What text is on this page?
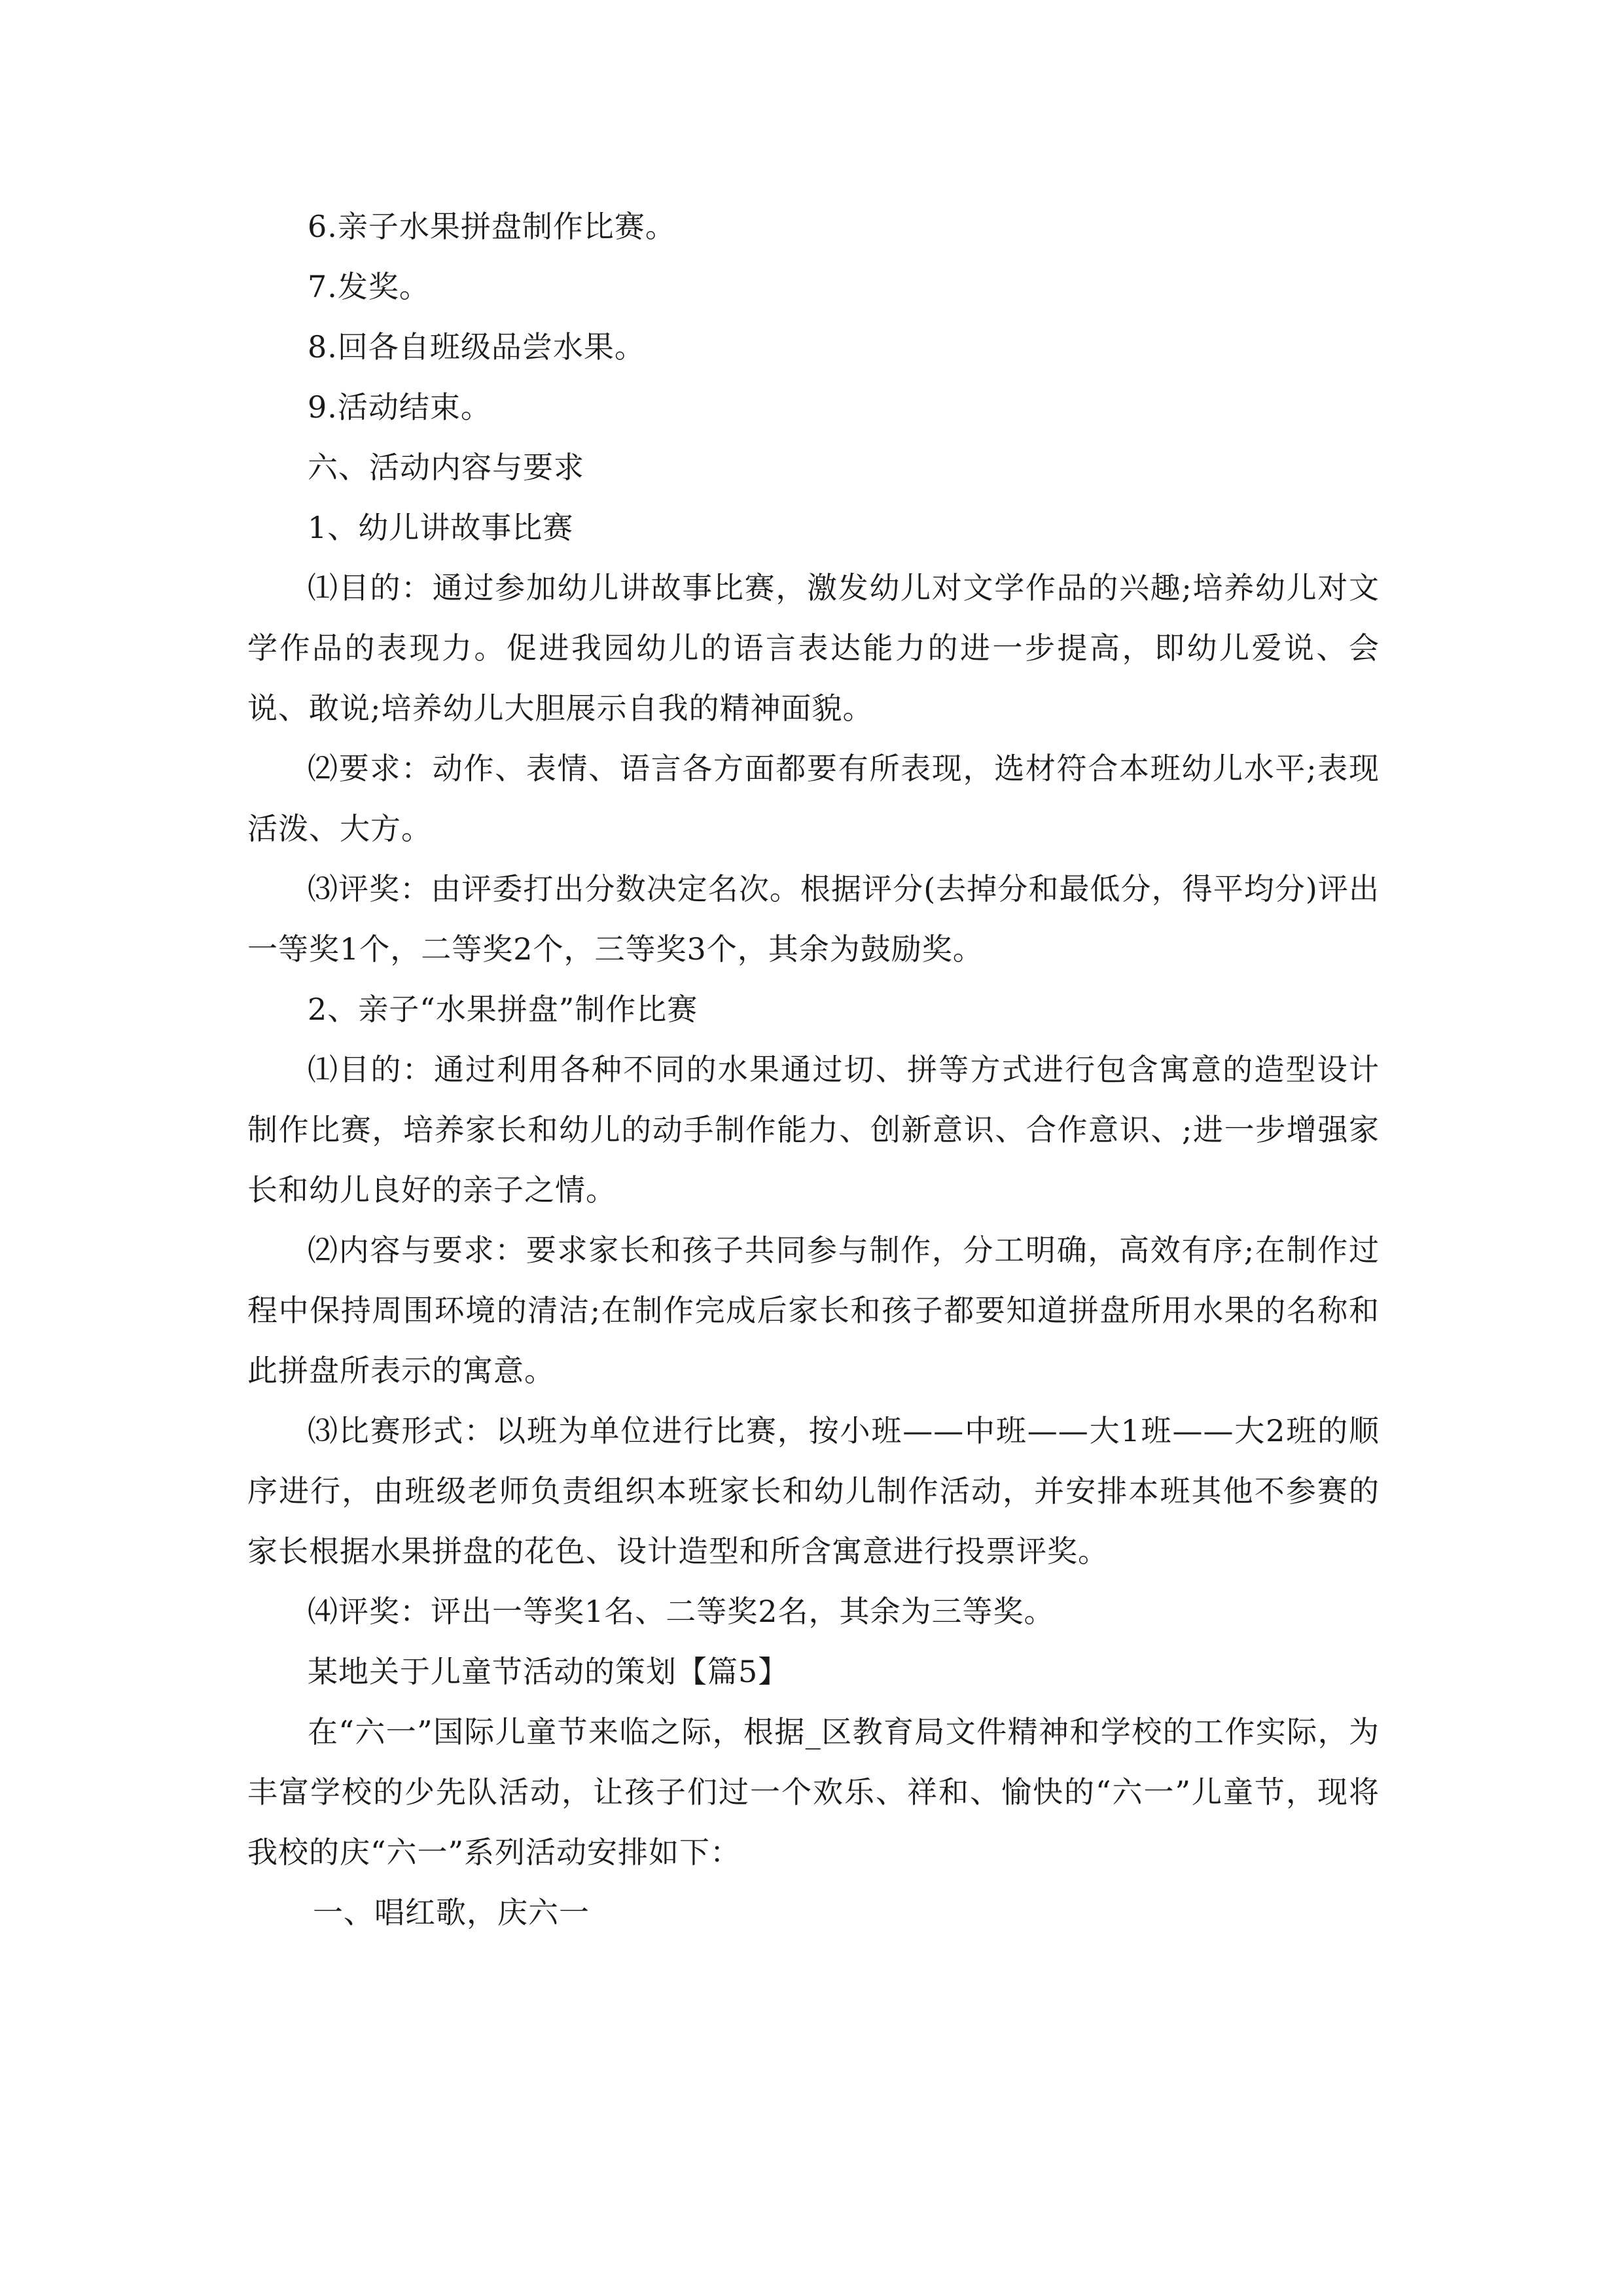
6.亲子水果拼盘制作比赛。

7.发奖。

8.回各自班级品尝水果。

9.活动结束。

六、活动内容与要求

1、幼儿讲故事比赛

⑴目的：通过参加幼儿讲故事比赛，激发幼儿对文学作品的兴趣;培养幼儿对文学作品的表现力。促进我园幼儿的语言表达能力的进一步提高，即幼儿爱说、会说、敢说;培养幼儿大胆展示自我的精神面貌。

⑵要求：动作、表情、语言各方面都要有所表现，选材符合本班幼儿水平;表现活泼、大方。

⑶评奖：由评委打出分数决定名次。根据评分(去掉分和最低分，得平均分)评出一等奖1个，二等奖2个，三等奖3个，其余为鼓励奖。

2、亲子“水果拼盘”制作比赛

⑴目的：通过利用各种不同的水果通过切、拼等方式进行包含寓意的造型设计制作比赛，培养家长和幼儿的动手制作能力、创新意识、合作意识、;进一步增强家长和幼儿良好的亲子之情。

⑵内容与要求：要求家长和孩子共同参与制作，分工明确，高效有序;在制作过程中保持周围环境的清洁;在制作完成后家长和孩子都要知道拼盘所用水果的名称和此拼盘所表示的寓意。

⑶比赛形式：以班为单位进行比赛，按小班——中班——大1班——大2班的顺序进行，由班级老师负责组织本班家长和幼儿制作活动，并安排本班其他不参赛的家长根据水果拼盘的花色、设计造型和所含寓意进行投票评奖。

⑷评奖：评出一等奖1名、二等奖2名，其余为三等奖。

某地关于儿童节活动的策划【篇5】

在“六一”国际儿童节来临之际，根据_区教育局文件精神和学校的工作实际，为丰富学校的少先队活动，让孩子们过一个欢乐、祥和、愉快的“六一”儿童节，现将我校的庆“六一”系列活动安排如下：

一、唱红歌，庆六一
